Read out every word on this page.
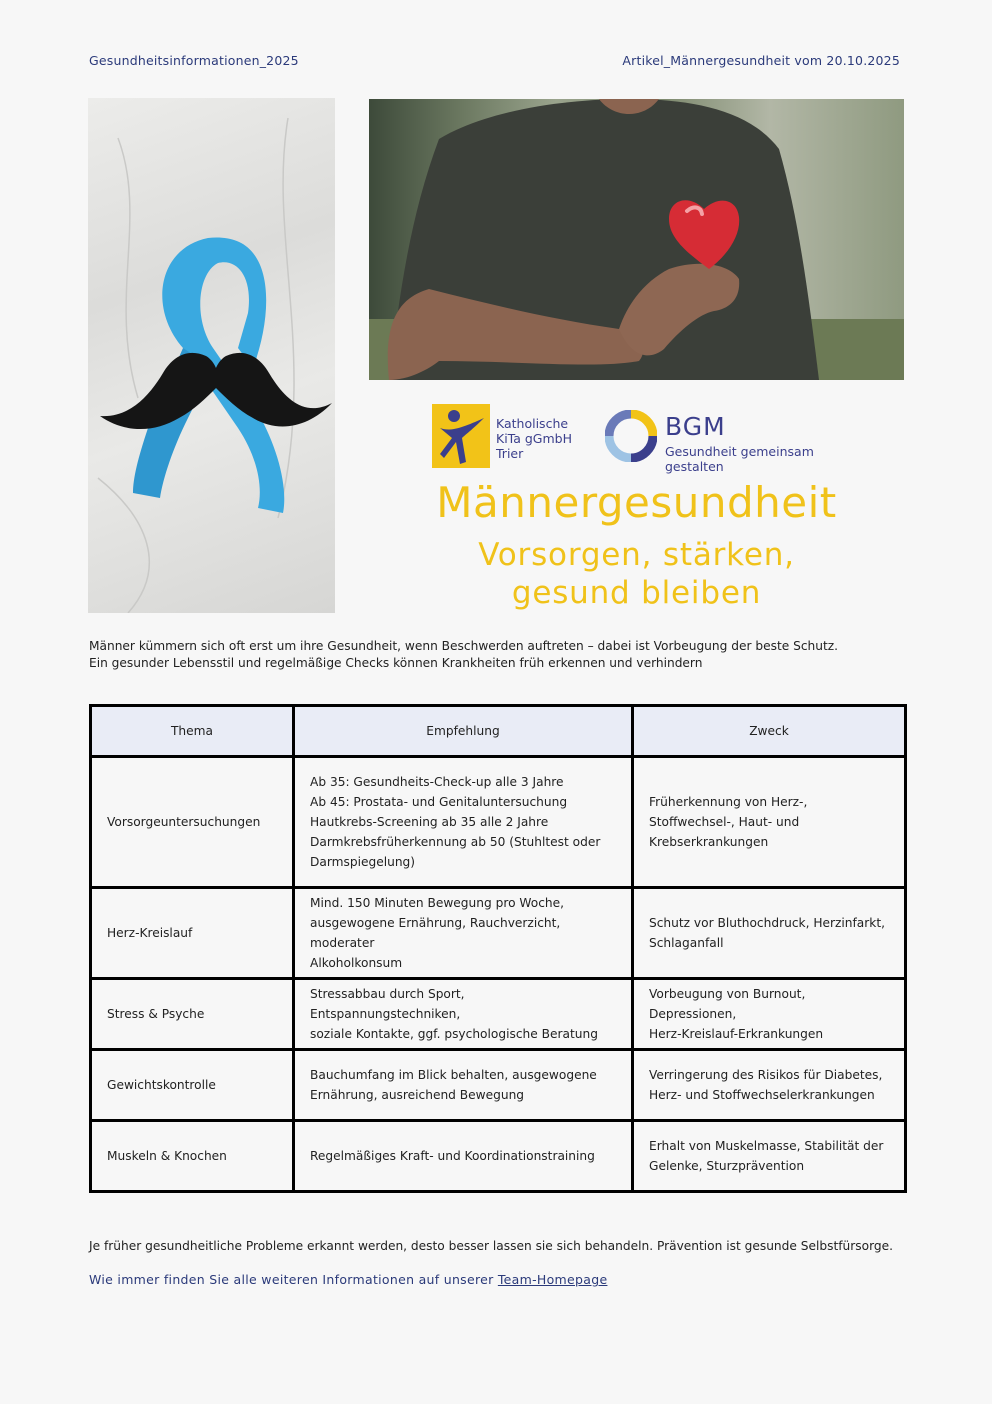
Gesundheitsinformationen_2025	Artikel_Männergesundheit vom 20.10.2025
Katholische
KiTa gGmbH
Trier
BGM
Gesundheit gemeinsam gestalten
Männergesundheit
Vorsorgen, stärken,
gesund bleiben

Männer kümmern sich oft erst um ihre Gesundheit, wenn Beschwerden auftreten – dabei ist Vorbeugung der beste Schutz.

Ein gesunder Lebensstil und regelmäßige Checks können Krankheiten früh erkennen und verhindern

Thema	Empfehlung	Zweck
Vorsorgeuntersuchungen	Ab 35: Gesundheits-Check-up alle 3 Jahre
Ab 45: Prostata- und Genitaluntersuchung
Hautkrebs-Screening ab 35 alle 2 Jahre
Darmkrebsfrüherkennung ab 50 (Stuhltest oder
Darmspiegelung)	Früherkennung von Herz-,
Stoffwechsel-, Haut- und
Krebserkrankungen

Herz-Kreislauf	Mind. 150 Minuten Bewegung pro Woche,
ausgewogene Ernährung, Rauchverzicht, moderater
Alkoholkonsum	Schutz vor Bluthochdruck, Herzinfarkt,
Schlaganfall

Stress & Psyche	Stressabbau durch Sport, Entspannungstechniken,
soziale Kontakte, ggf. psychologische Beratung	Vorbeugung von Burnout, Depressionen,
Herz-Kreislauf-Erkrankungen

Gewichtskontrolle	Bauchumfang im Blick behalten, ausgewogene
Ernährung, ausreichend Bewegung	Verringerung des Risikos für Diabetes,
Herz- und Stoffwechselerkrankungen

Muskeln & Knochen	Regelmäßiges Kraft- und Koordinationstraining	Erhalt von Muskelmasse, Stabilität der
Gelenke, Sturzprävention
Je früher gesundheitliche Probleme erkannt werden, desto besser lassen sie sich behandeln. Prävention ist gesunde Selbstfürsorge.
Wie immer finden Sie alle weiteren Informationen auf unserer Team-Homepage
